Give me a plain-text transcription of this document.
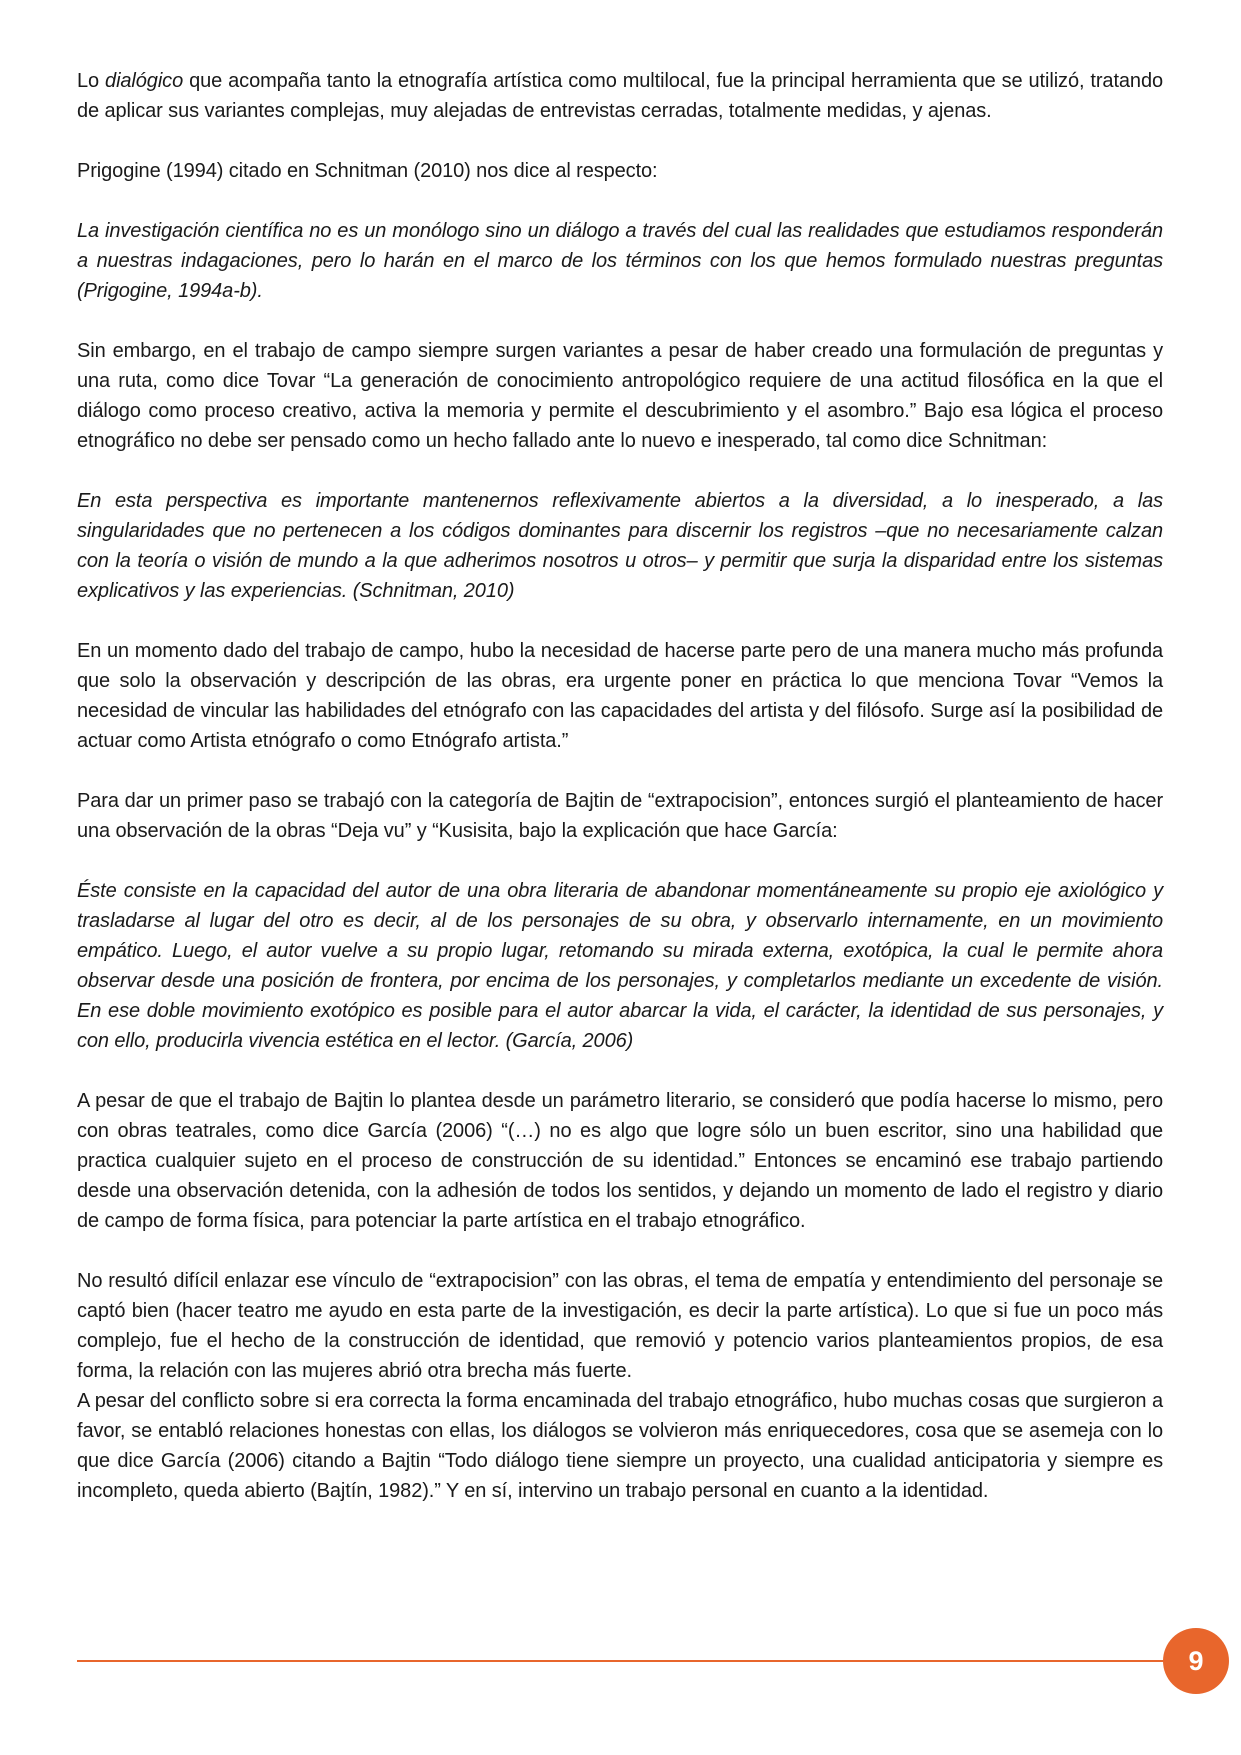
Lo dialógico que acompaña tanto la etnografía artística como multilocal, fue la principal herramienta que se utilizó, tratando de aplicar sus variantes complejas, muy alejadas de entrevistas cerradas, totalmente medidas, y ajenas.

Prigogine (1994) citado en Schnitman (2010) nos dice al respecto:

La investigación científica no es un monólogo sino un diálogo a través del cual las realidades que estudiamos responderán a nuestras indagaciones, pero lo harán en el marco de los términos con los que hemos formulado nuestras preguntas (Prigogine, 1994a-b).

Sin embargo, en el trabajo de campo siempre surgen variantes a pesar de haber creado una formulación de preguntas y una ruta, como dice Tovar “La generación de conocimiento antropológico requiere de una actitud filosófica en la que el diálogo como proceso creativo, activa la memoria y permite el descubrimiento y el asombro.” Bajo esa lógica el proceso etnográfico no debe ser pensado como un hecho fallado ante lo nuevo e inesperado, tal como dice Schnitman:

En esta perspectiva es importante mantenernos reflexivamente abiertos a la diversidad, a lo inesperado, a las singularidades que no pertenecen a los códigos dominantes para discernir los registros –que no necesariamente calzan con la teoría o visión de mundo a la que adherimos nosotros u otros– y permitir que surja la disparidad entre los sistemas explicativos y las experiencias. (Schnitman, 2010)

En un momento dado del trabajo de campo, hubo la necesidad de hacerse parte pero de una manera mucho más profunda que solo la observación y descripción de las obras, era urgente poner en práctica lo que menciona Tovar “Vemos la necesidad de vincular las habilidades del etnógrafo con las capacidades del artista y del filósofo. Surge así la posibilidad de actuar como Artista etnógrafo o como Etnógrafo artista.”

Para dar un primer paso se trabajó con la categoría de Bajtin de “extrapocision”, entonces surgió el planteamiento de hacer una observación de la obras “Deja vu” y “Kusisita, bajo la explicación que hace García:

Éste consiste en la capacidad del autor de una obra literaria de abandonar momentáneamente su propio eje axiológico y trasladarse al lugar del otro es decir, al de los personajes de su obra, y observarlo internamente, en un movimiento empático. Luego, el autor vuelve a su propio lugar, retomando su mirada externa, exotópica, la cual le permite ahora observar desde una posición de frontera, por encima de los personajes, y completarlos mediante un excedente de visión. En ese doble movimiento exotópico es posible para el autor abarcar la vida, el carácter, la identidad de sus personajes, y con ello, producirla vivencia estética en el lector. (García, 2006)

A pesar de que el trabajo de Bajtin lo plantea desde un parámetro literario, se consideró que podía hacerse lo mismo, pero con obras teatrales, como dice García (2006) “(…) no es algo que logre sólo un buen escritor, sino una habilidad que practica cualquier sujeto en el proceso de construcción de su identidad.” Entonces se encaminó ese trabajo partiendo desde una observación detenida, con la adhesión de todos los sentidos, y dejando un momento de lado el registro y diario de campo de forma física, para potenciar la parte artística en el trabajo etnográfico.

No resultó difícil enlazar ese vínculo de “extrapocision” con las obras, el tema de empatía y entendimiento del personaje se captó bien (hacer teatro me ayudo en esta parte de la investigación, es decir la parte artística). Lo que si fue un poco más complejo, fue el hecho de la construcción de identidad, que removió y potencio varios planteamientos propios, de esa forma, la relación con las mujeres abrió otra brecha más fuerte.

A pesar del conflicto sobre si era correcta la forma encaminada del trabajo etnográfico, hubo muchas cosas que surgieron a favor, se entabló relaciones honestas con ellas, los diálogos se volvieron más enriquecedores, cosa que se asemeja con lo que dice García (2006) citando a Bajtin “Todo diálogo tiene siempre un proyecto, una cualidad anticipatoria y siempre es incompleto, queda abierto (Bajtín, 1982).” Y en sí, intervino un trabajo personal en cuanto a la identidad.

9
